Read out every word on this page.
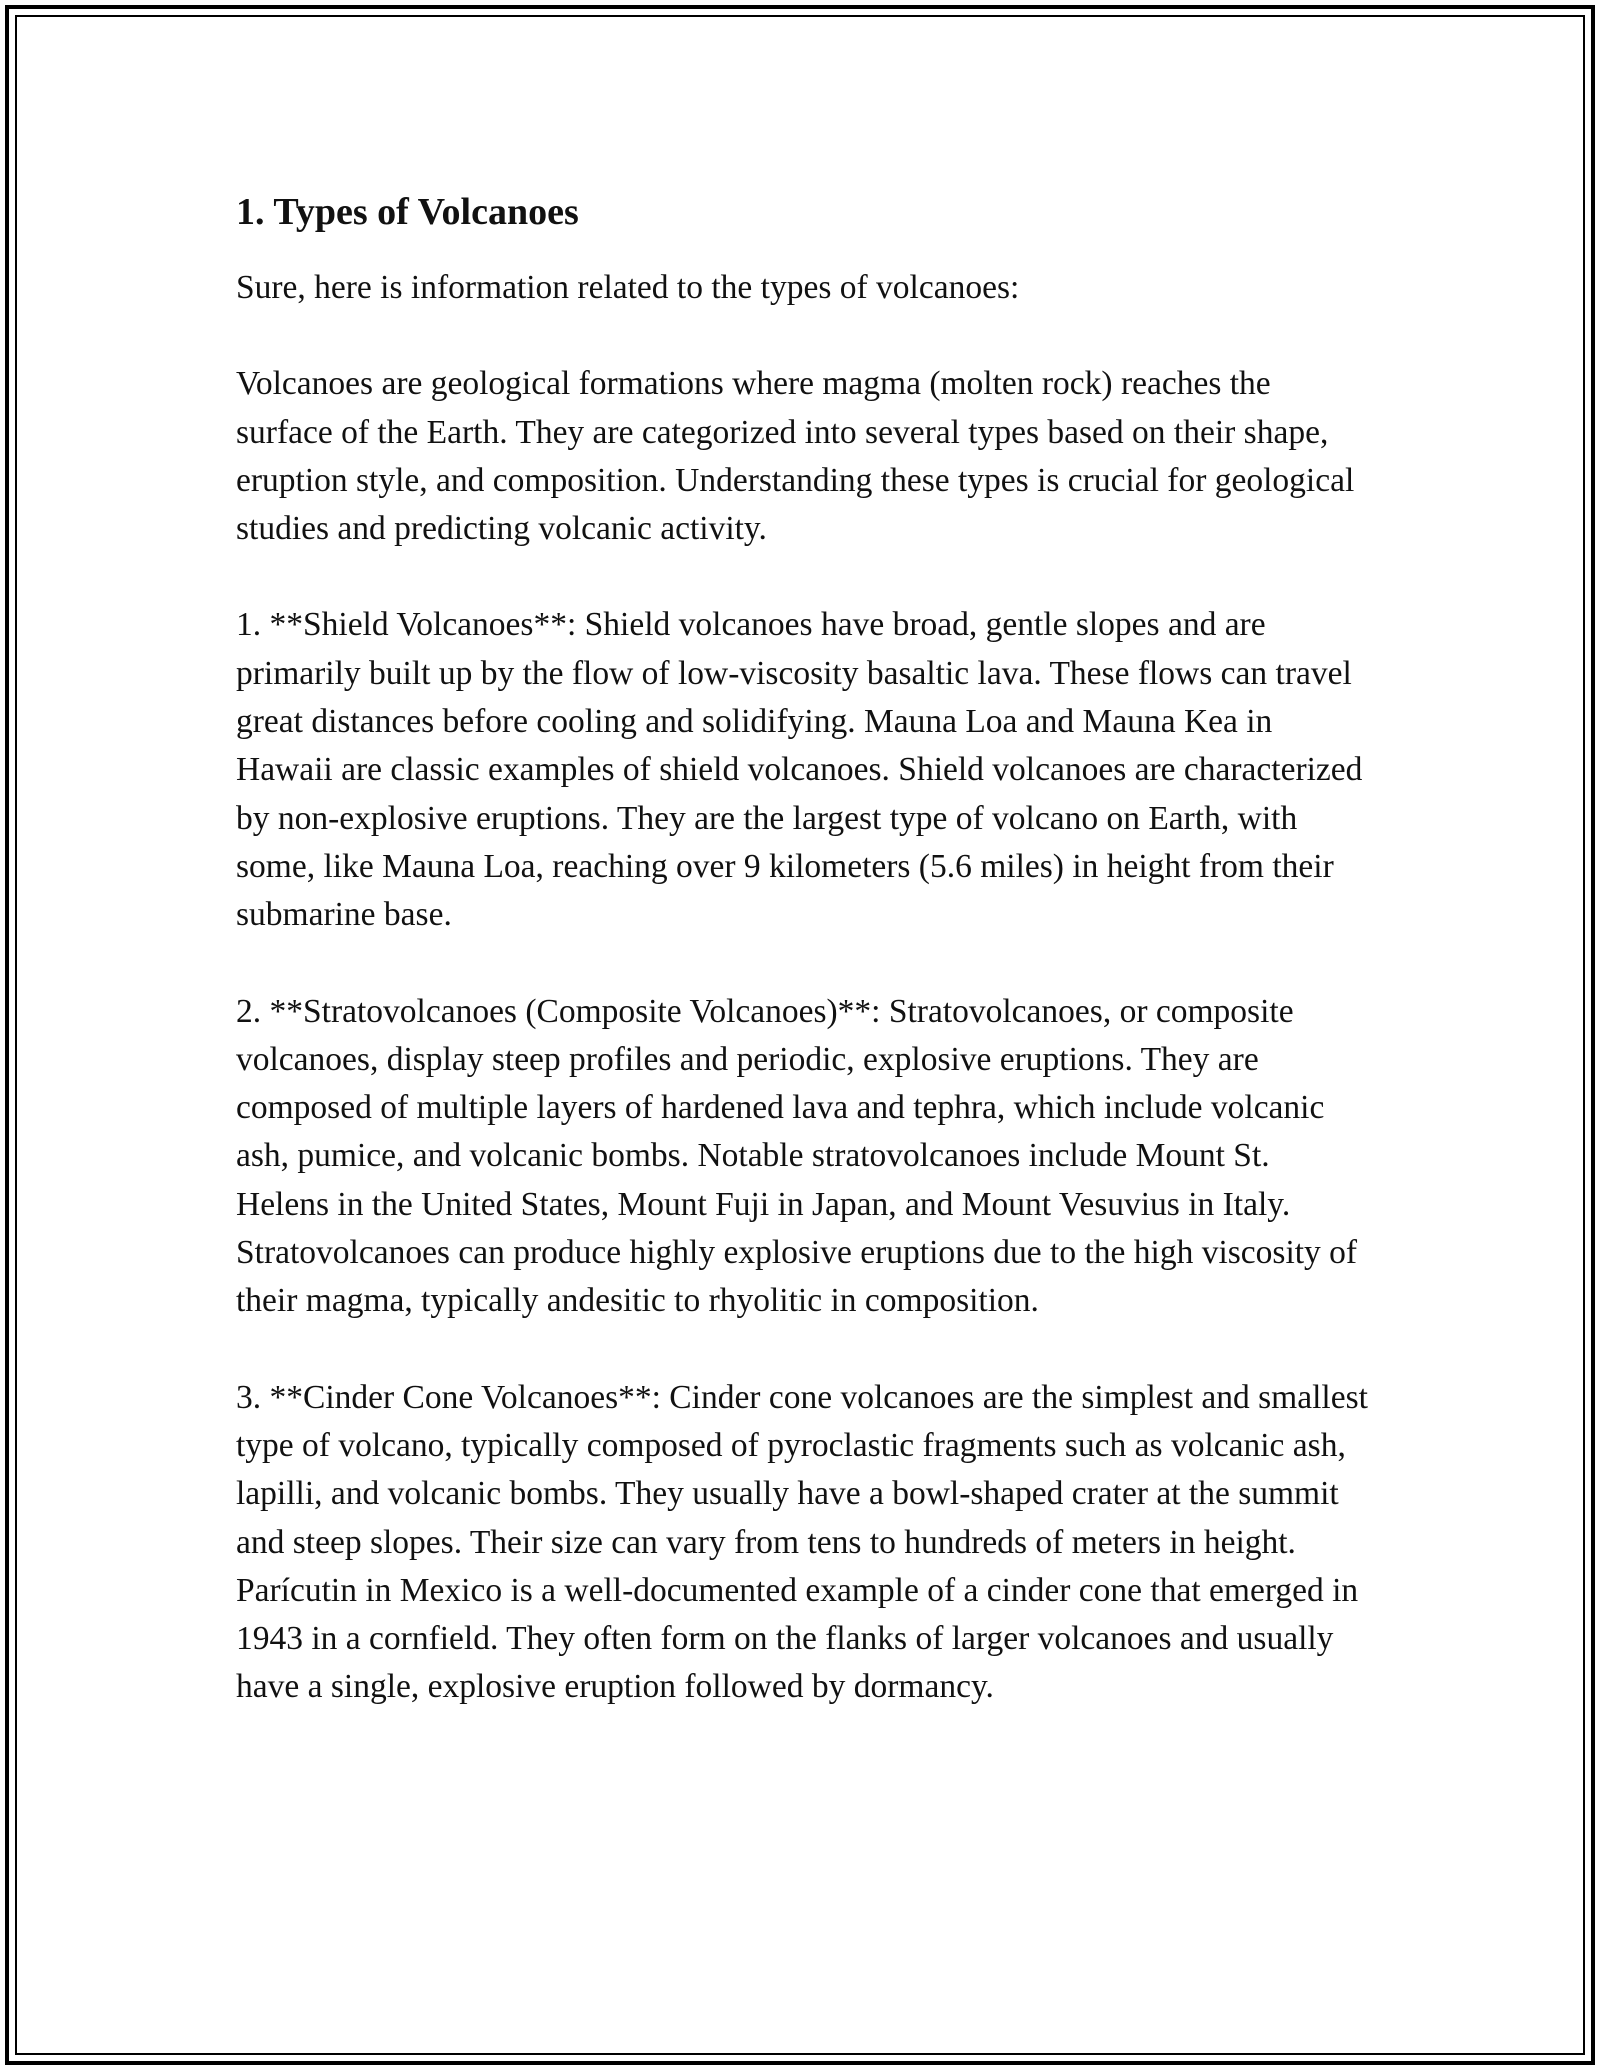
1. Types of Volcanoes

Sure, here is information related to the types of volcanoes:

Volcanoes are geological formations where magma (molten rock) reaches the surface of the Earth. They are categorized into several types based on their shape, eruption style, and composition. Understanding these types is crucial for geological studies and predicting volcanic activity.

1. **Shield Volcanoes**: Shield volcanoes have broad, gentle slopes and are primarily built up by the flow of low-viscosity basaltic lava. These flows can travel great distances before cooling and solidifying. Mauna Loa and Mauna Kea in Hawaii are classic examples of shield volcanoes. Shield volcanoes are characterized by non-explosive eruptions. They are the largest type of volcano on Earth, with some, like Mauna Loa, reaching over 9 kilometers (5.6 miles) in height from their submarine base.

2. **Stratovolcanoes (Composite Volcanoes)**: Stratovolcanoes, or composite volcanoes, display steep profiles and periodic, explosive eruptions. They are composed of multiple layers of hardened lava and tephra, which include volcanic ash, pumice, and volcanic bombs. Notable stratovolcanoes include Mount St. Helens in the United States, Mount Fuji in Japan, and Mount Vesuvius in Italy. Stratovolcanoes can produce highly explosive eruptions due to the high viscosity of their magma, typically andesitic to rhyolitic in composition.

3. **Cinder Cone Volcanoes**: Cinder cone volcanoes are the simplest and smallest type of volcano, typically composed of pyroclastic fragments such as volcanic ash, lapilli, and volcanic bombs. They usually have a bowl-shaped crater at the summit and steep slopes. Their size can vary from tens to hundreds of meters in height. Parícutin in Mexico is a well-documented example of a cinder cone that emerged in 1943 in a cornfield. They often form on the flanks of larger volcanoes and usually have a single, explosive eruption followed by dormancy.
